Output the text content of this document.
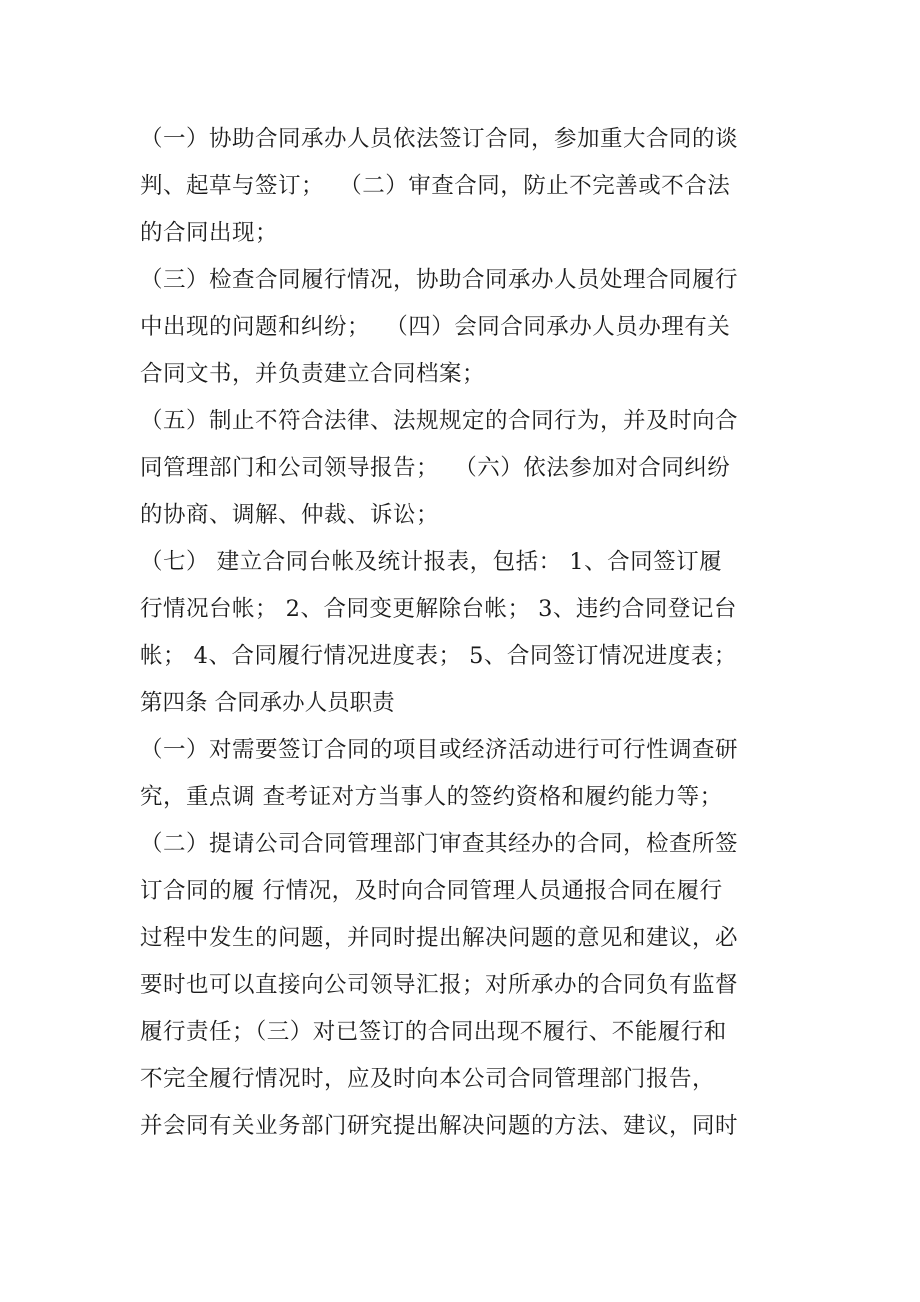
（一）协助合同承办人员依法签订合同，参加重大合同的谈

判、起草与签订；  （二）审查合同，防止不完善或不合法

的合同出现；

（三）检查合同履行情况，协助合同承办人员处理合同履行

中出现的问题和纠纷；  （四）会同合同承办人员办理有关

合同文书，并负责建立合同档案；

（五）制止不符合法律、法规规定的合同行为，并及时向合

同管理部门和公司领导报告；  （六）依法参加对合同纠纷

的协商、调解、仲裁、诉讼；

（七） 建立合同台帐及统计报表，包括： 1、合同签订履

行情况台帐； 2、合同变更解除台帐； 3、违约合同登记台

帐； 4、合同履行情况进度表； 5、合同签订情况进度表；

第四条 合同承办人员职责

（一）对需要签订合同的项目或经济活动进行可行性调查研

究，重点调 查考证对方当事人的签约资格和履约能力等；

（二）提请公司合同管理部门审查其经办的合同，检查所签

订合同的履 行情况，及时向合同管理人员通报合同在履行

过程中发生的问题，并同时提出解决问题的意见和建议，必

要时也可以直接向公司领导汇报；对所承办的合同负有监督

履行责任；（三）对已签订的合同出现不履行、不能履行和

不完全履行情况时，应及时向本公司合同管理部门报告，

并会同有关业务部门研究提出解决问题的方法、建议，同时
